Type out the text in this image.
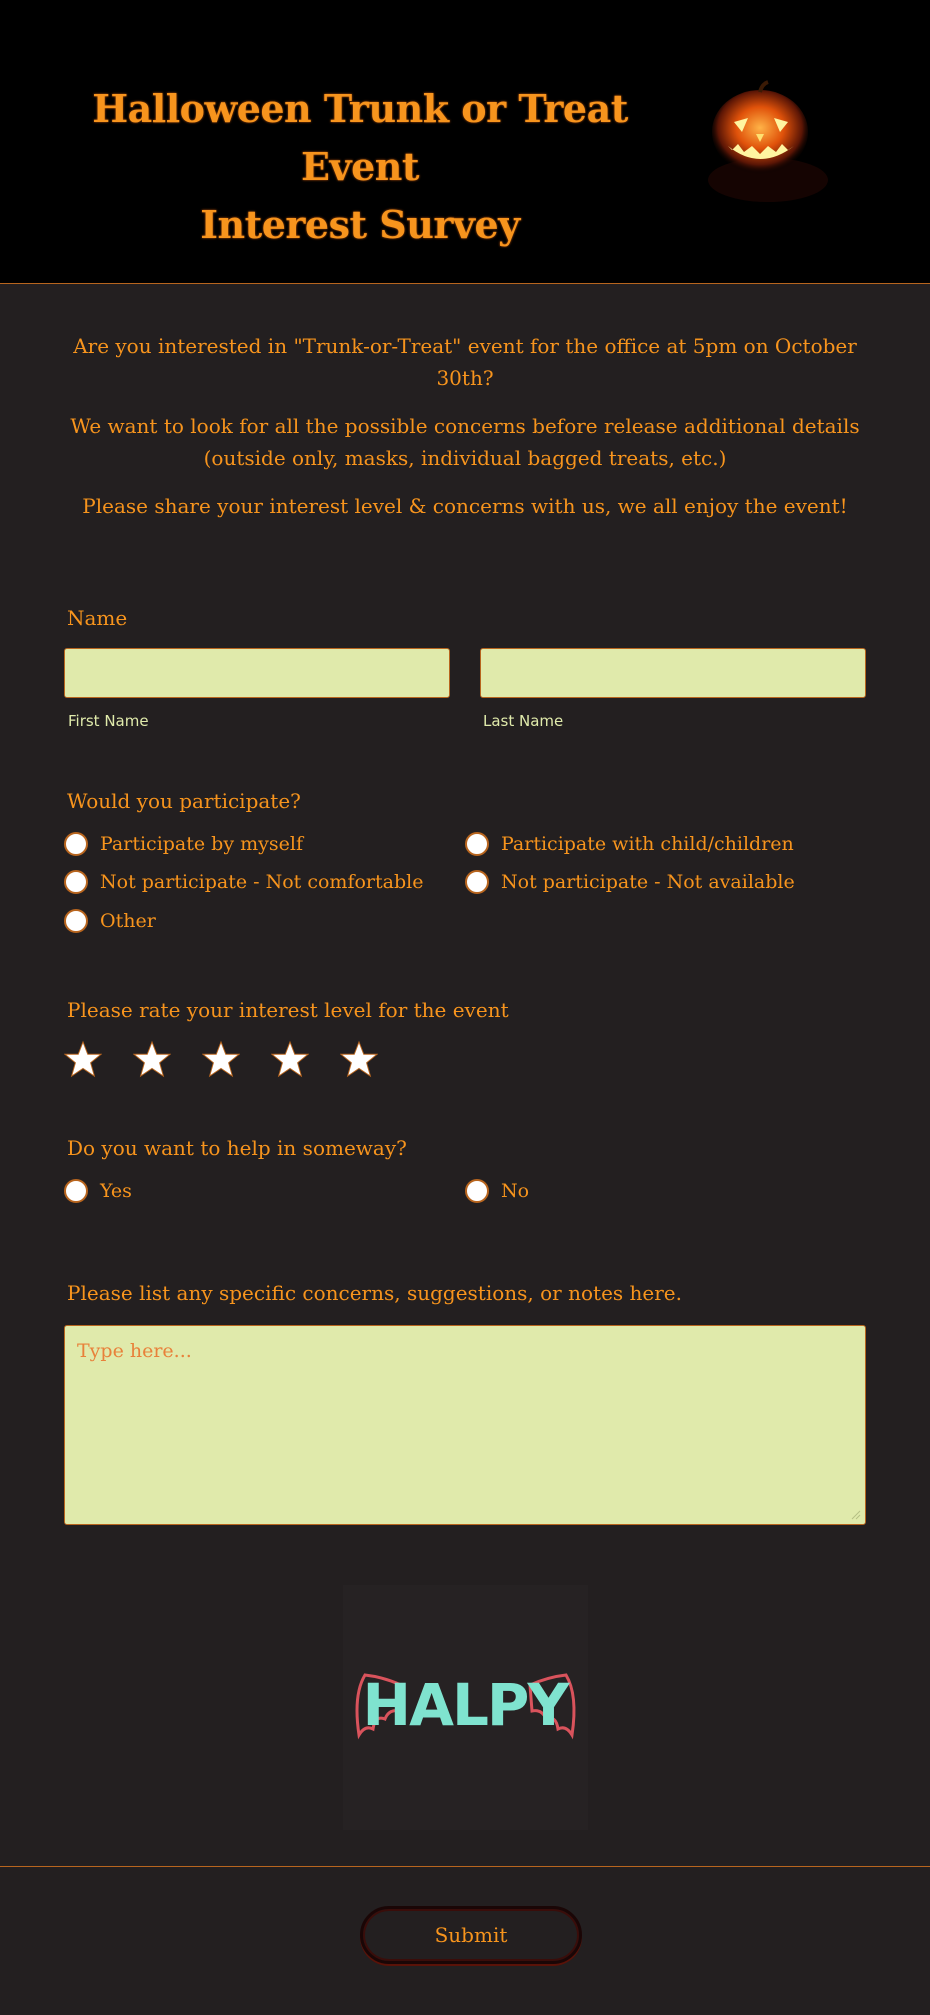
Halloween Trunk or Treat Event
Interest Survey

Are you interested in "Trunk-or-Treat" event for the office at 5pm on October 30th?

We want to look for all the possible concerns before release additional details (outside only, masks, individual bagged treats, etc.)

Please share your interest level & concerns with us, we all enjoy the event!

Name
First Name	Last Name
Would you participate?
Participate by myself	Participate with child/children
Not participate - Not comfortable	Not participate - Not available
Other
Please rate your interest level for the event
Do you want to help in someway?
Yes	No
Please list any specific concerns, suggestions, or notes here.
Type here...
HALPY
Submit
